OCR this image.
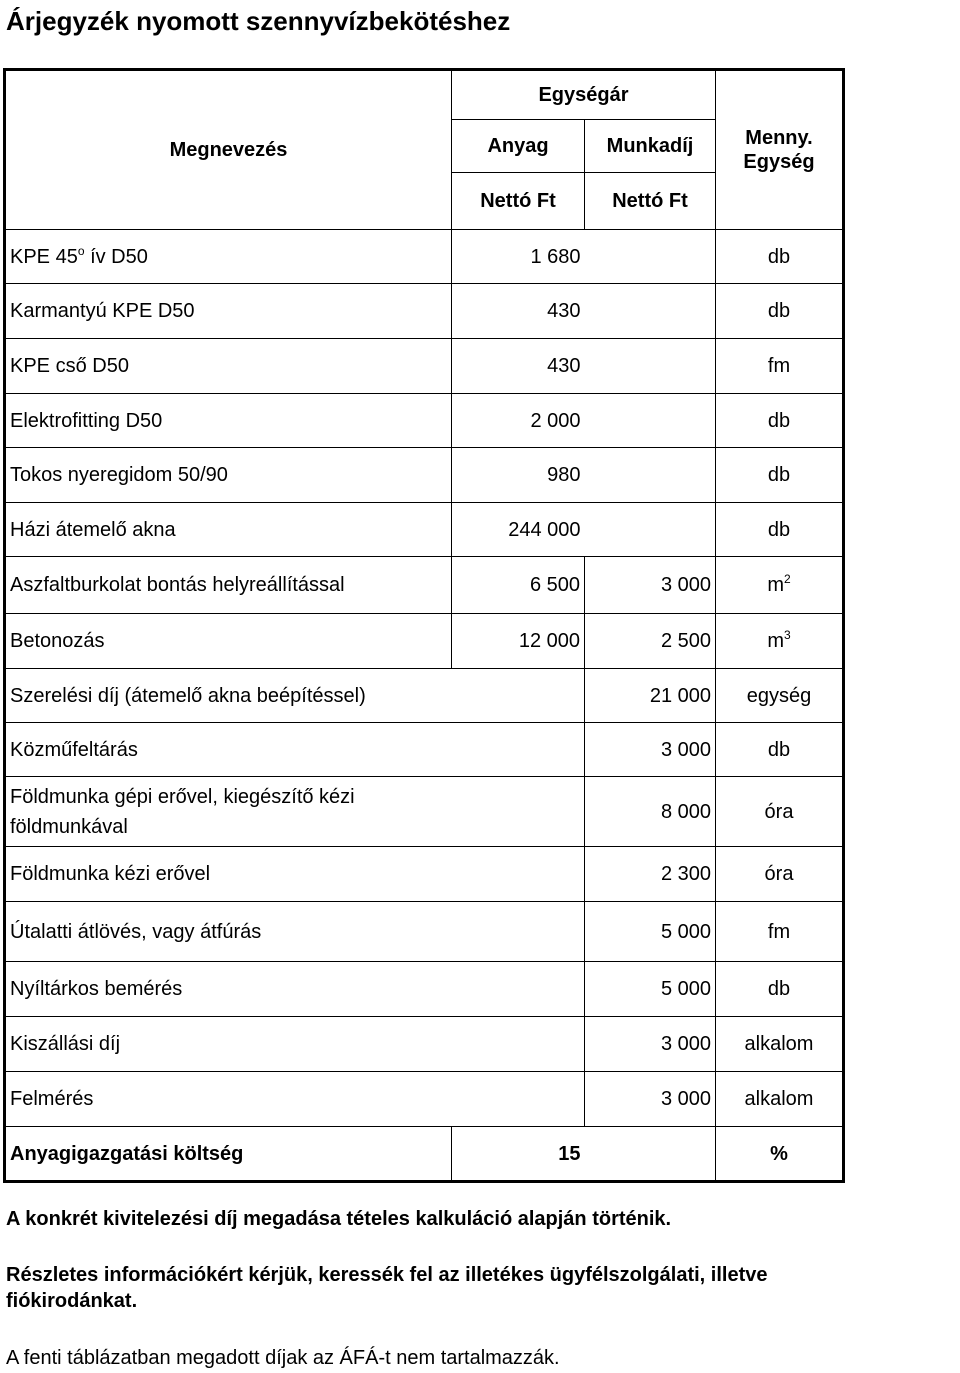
Árjegyzék nyomott szennyvízbekötéshez
Megnevezés	Egységár		Menny.
Egység

	Anyag	Munkadíj	
	Nettó Ft	Nettó Ft	
KPE 45$^o$ ív D50	1 680		db
Karmantyú KPE D50	430		db
KPE cső D50	430		fm
Elektrofitting D50	2 000		db
Tokos nyeregidom 50/90	980		db
Házi átemelő akna	244 000		db
Aszfaltburkolat bontás helyreállítással	6 500	3 000	$m^2$
Betonozás	12 000	2 500	$m^3$
Szerelési díj (átemelő akna beépítéssel)		21 000	egység
Közműfeltárás		3 000	db
Földmunka gépi erővel, kiegészítő kézi földmunkával		8 000	óra
Földmunka kézi erővel		2 300	óra
Útalatti átlövés, vagy átfúrás		5 000	fm
Nyíltárkos bemérés		5 000	db
Kiszállási díj		3 000	alkalom
Felmérés		3 000	alkalom
Anyagigazgatási költség	15		%
A konkrét kivitelezési díj megadása tételes kalkuláció alapján történik.
Részletes információkért kérjük, keressék fel az illetékes ügyfélszolgálati, illetve
fiókirodánkat.
A fenti táblázatban megadott díjak az ÁFÁ-t nem tartalmazzák.
